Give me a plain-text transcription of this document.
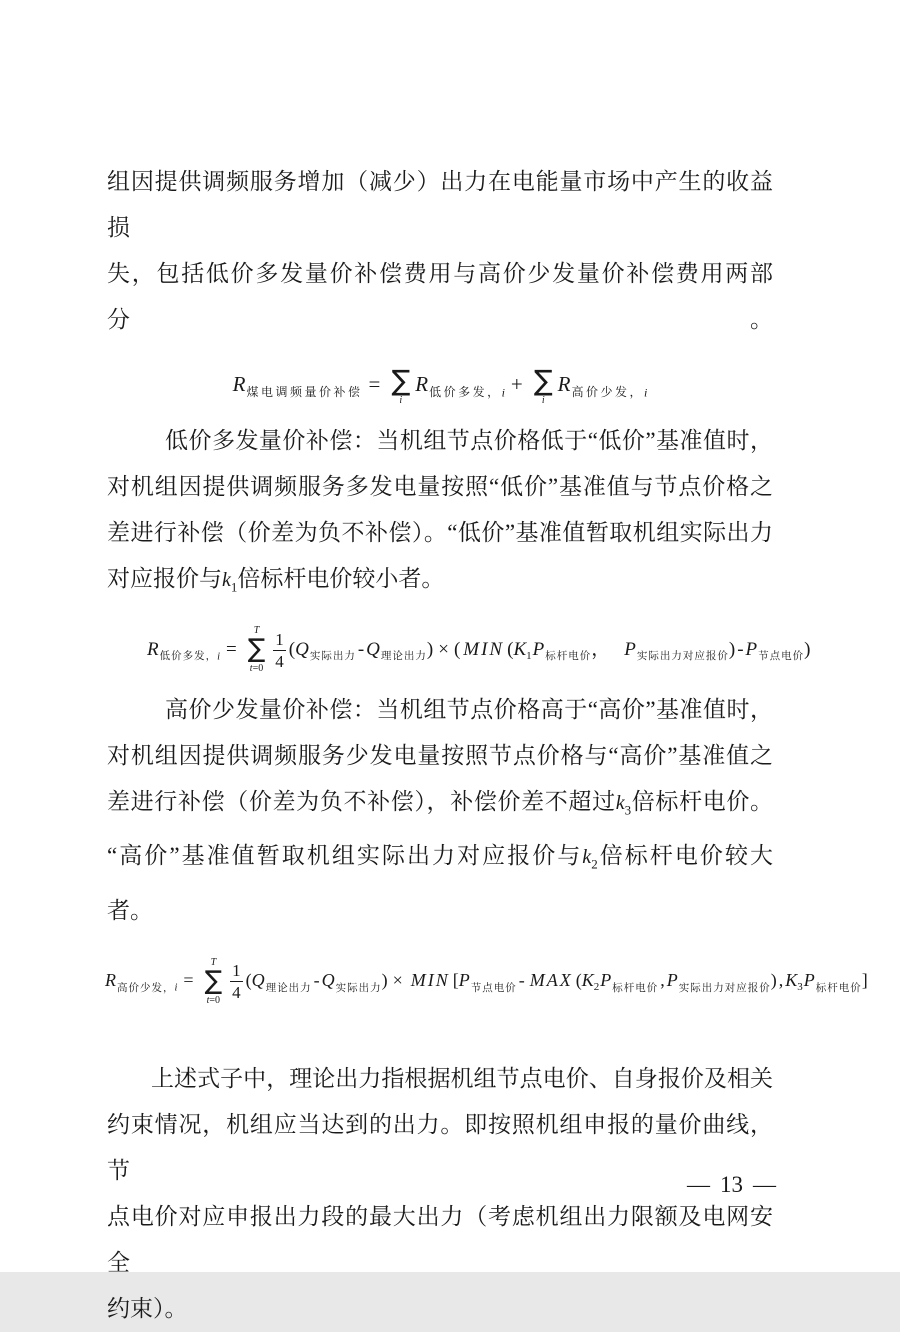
组因提供调频服务增加（减少）出力在电能量市场中产生的收益损
失，包括低价多发量价补偿费用与高价少发量价补偿费用两部分。
$R_{煤电调频量价补偿}$ = ∑
i
$R_{低价多发,i}$ + ∑
i
$R_{高价少发,i}$
低价多发量价补偿：当机组节点价格低于“低价”基准值时，
对机组因提供调频服务多发电量按照“低价”基准值与节点价格之
差进行补偿（价差为负不补偿）。“低价”基准值暂取机组实际出力
对应报价与$k_1$倍标杆电价较小者。
$R_{低价多发,i}$ =
T
∑
$t=0 \frac{1}{4} (Q_{实际出力} - Q_{理论出力})$ × ( MIN ($K_1P_{标杆电价}$， $P_{实际出力对应报价}) - P_{节点电价}$)
高价少发量价补偿：当机组节点价格高于“高价”基准值时，
对机组因提供调频服务少发电量按照节点价格与“高价”基准值之
差进行补偿（价差为负不补偿），补偿价差不超过$k_3$倍标杆电价。
“高价”基准值暂取机组实际出力对应报价与$k_2$倍标杆电价较大
者。
$R_{高价少发,i}$ =
T
∑
$t=0 \frac{1}{4} (Q_{理论出力} - Q_{实际出力})$ × MIN [$P_{节点电价}$ - MAX ($K_2P_{标杆电价}$ , $P_{实际出力对应报价}$) , $K_3P_{标杆电价}$]
上述式子中，理论出力指根据机组节点电价、自身报价及相关
约束情况，机组应当达到的出力。即按照机组申报的量价曲线，节
点电价对应申报出力段的最大出力（考虑机组出力限额及电网安全
约束）。
— 13 —
